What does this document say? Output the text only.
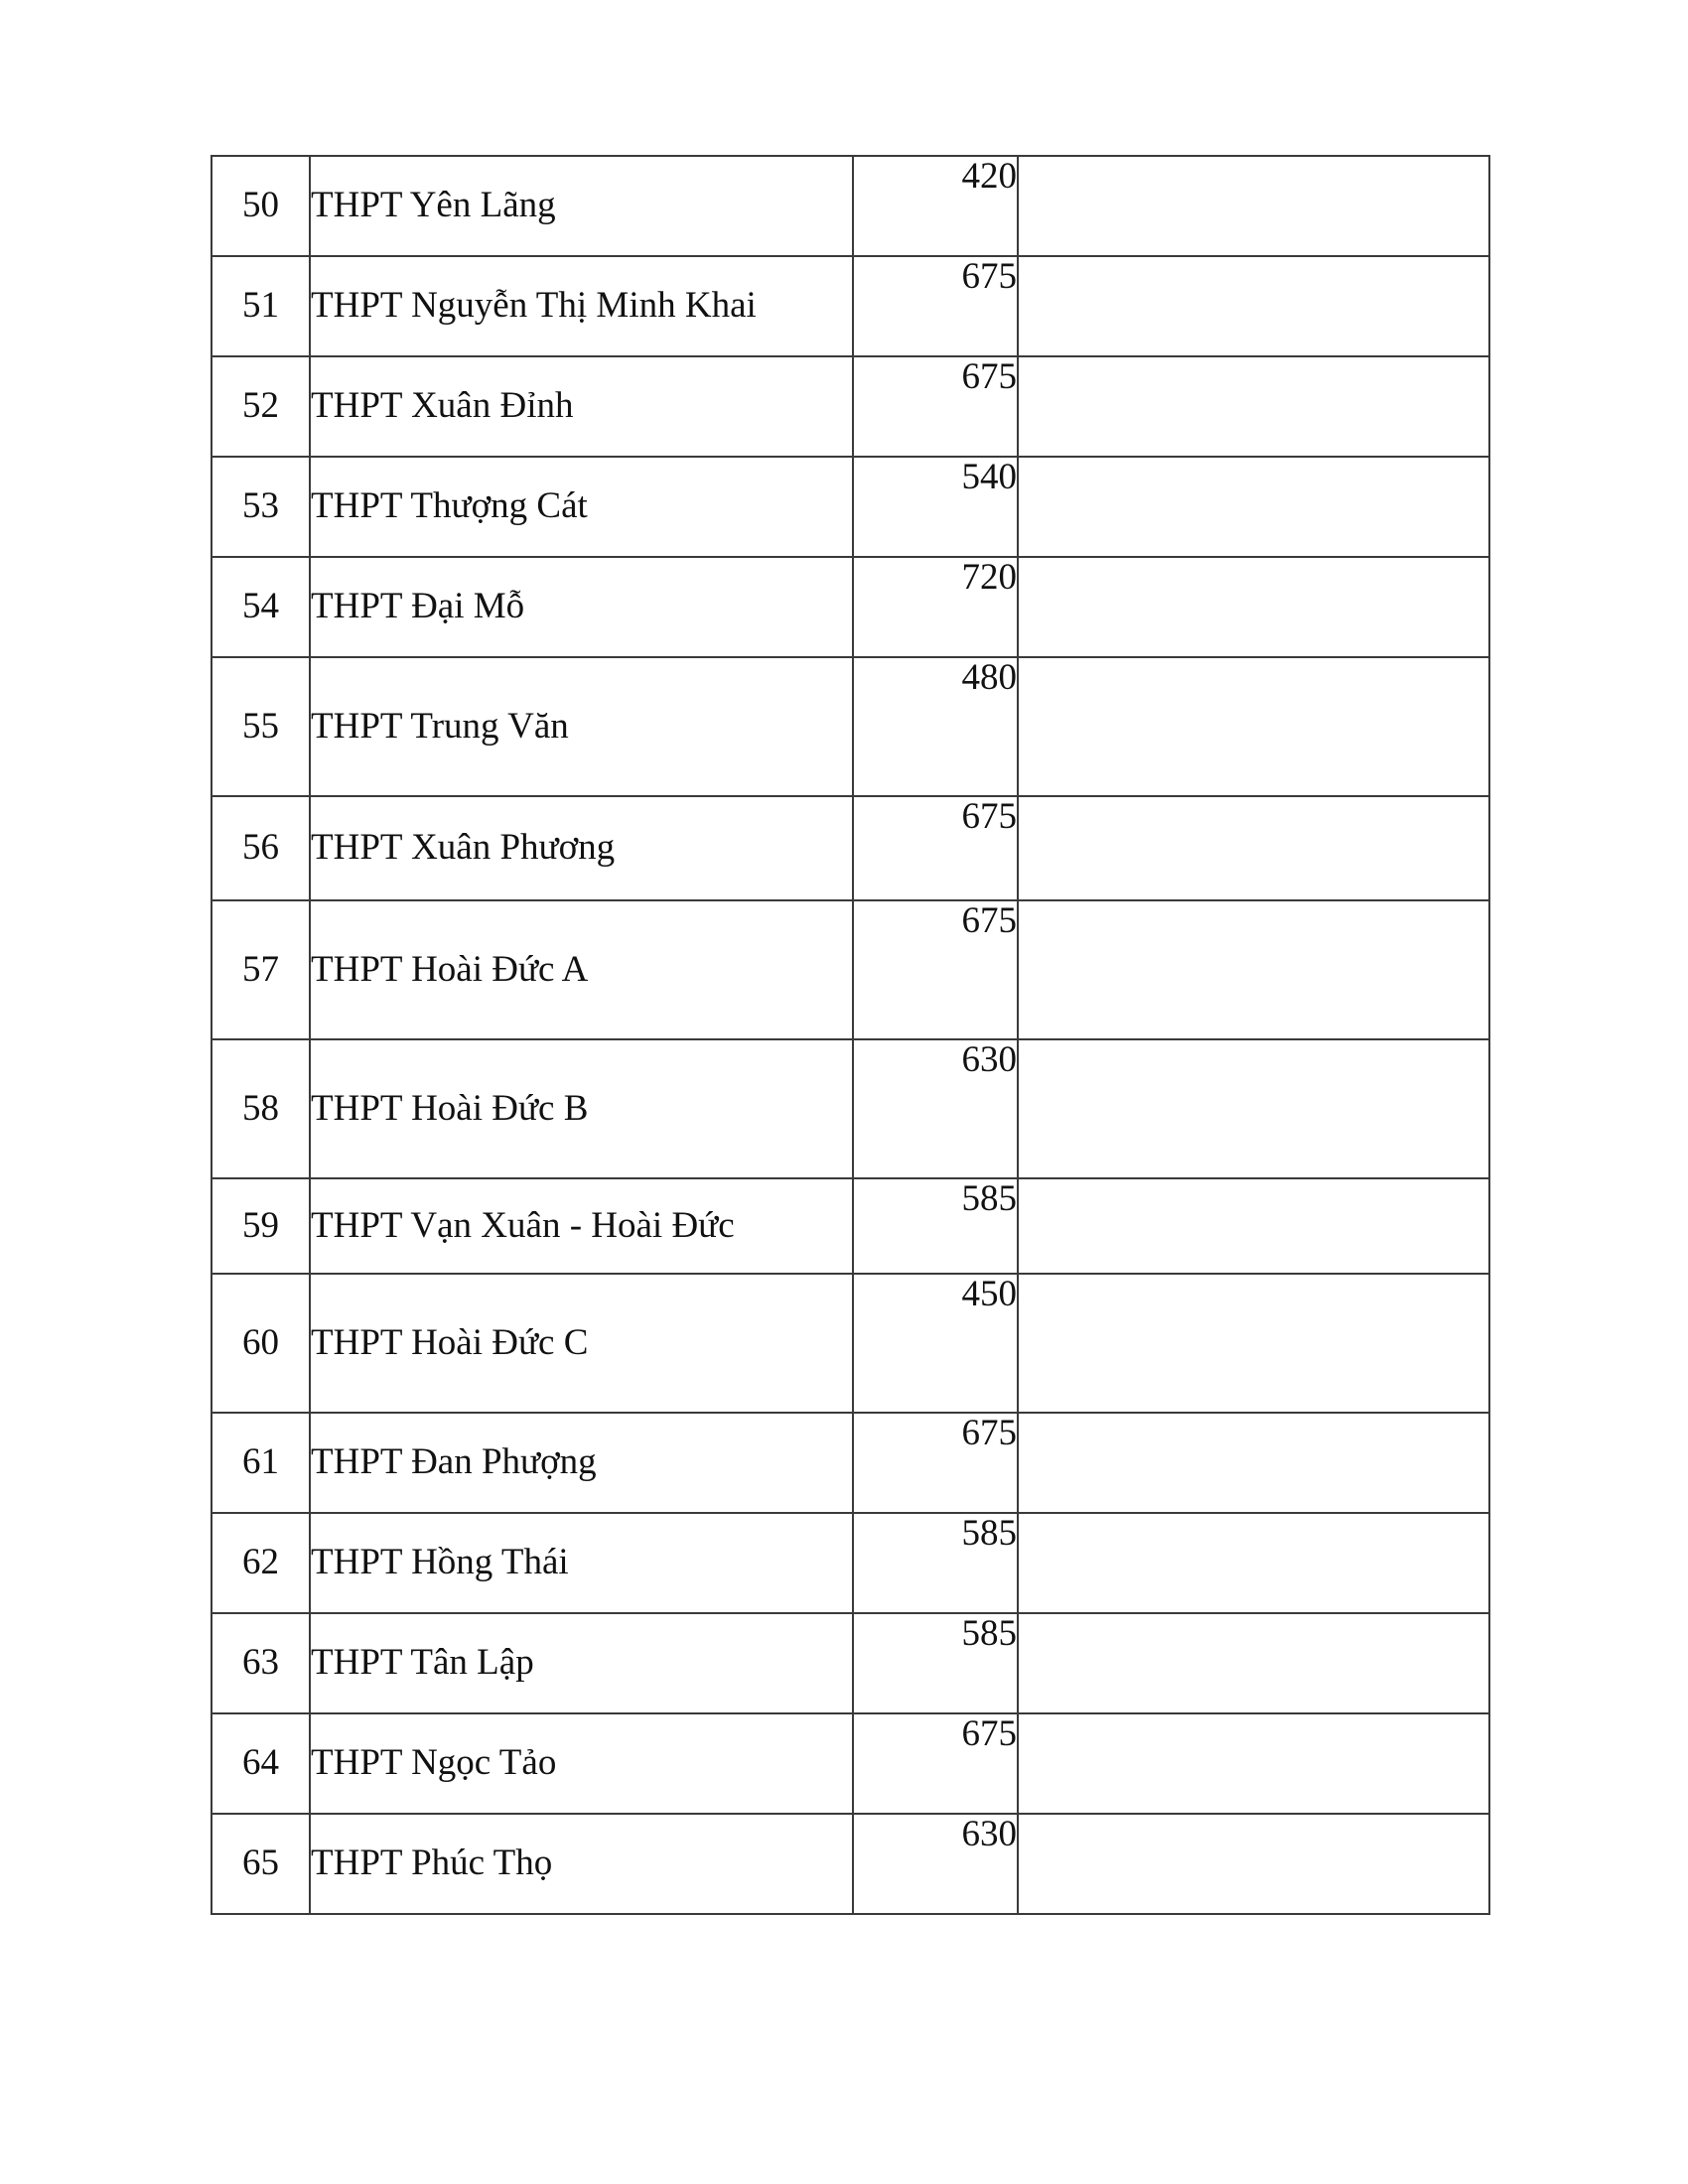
50	THPT Yên Lãng	420	
51	THPT Nguyễn Thị Minh Khai	675	
52	THPT Xuân Đỉnh	675	
53	THPT Thượng Cát	540	
54	THPT Đại Mỗ	720	
55	THPT Trung Văn	480	
56	THPT Xuân Phương	675	
57	THPT Hoài Đức A	675	
58	THPT Hoài Đức B	630	
59	THPT Vạn Xuân - Hoài Đức	585	
60	THPT Hoài Đức C	450	
61	THPT Đan Phượng	675	
62	THPT Hồng Thái	585	
63	THPT Tân Lập	585	
64	THPT Ngọc Tảo	675	
65	THPT Phúc Thọ	630	
